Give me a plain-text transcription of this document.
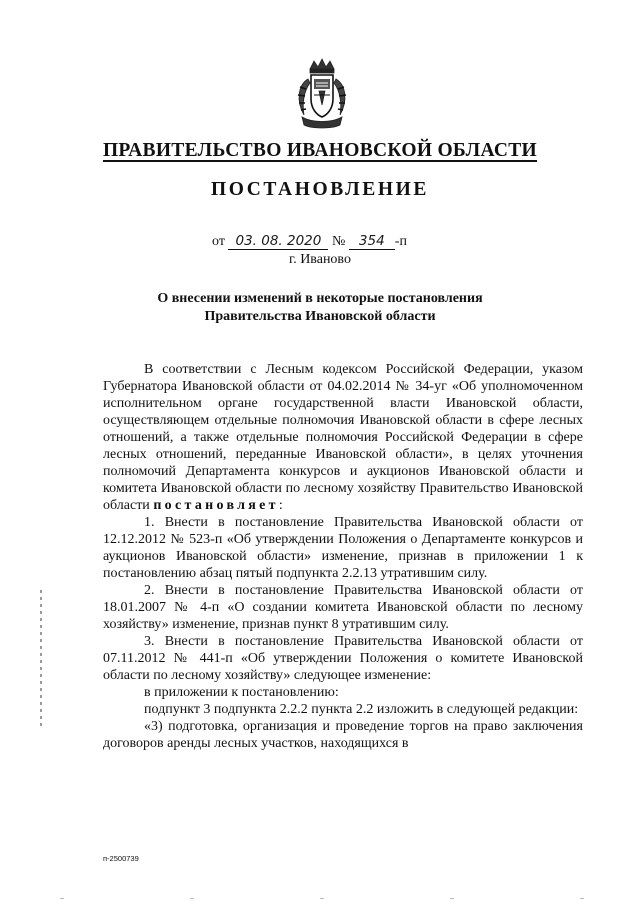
ПРАВИТЕЛЬСТВО ИВАНОВСКОЙ ОБЛАСТИ
ПОСТАНОВЛЕНИЕ
от 03. 08. 2020 № 354 -п
г. Иваново
О внесении изменений в некоторые постановления
Правительства Ивановской области

В соответствии с Лесным кодексом Российской Федерации, указом Губернатора Ивановской области от 04.02.2014 № 34-уг «Об уполномоченном исполнительном органе государственной власти Ивановской области, осуществляющем отдельные полномочия Ивановской области в сфере лесных отношений, а также отдельные полномочия Российской Федерации в сфере лесных отношений, переданные Ивановской области», в целях уточнения полномочий Департамента конкурсов и аукционов Ивановской области и комитета Ивановской области по лесному хозяйству Правительство Ивановской области постановляет:

1. Внести в постановление Правительства Ивановской области от 12.12.2012 № 523-п «Об утверждении Положения о Департаменте конкурсов и аукционов Ивановской области» изменение, признав в приложении 1 к постановлению абзац пятый подпункта 2.2.13 утратившим силу.

2. Внести в постановление Правительства Ивановской области от 18.01.2007 № 4-п «О создании комитета Ивановской области по лесному хозяйству» изменение, признав пункт 8 утратившим силу.

3. Внести в постановление Правительства Ивановской области от 07.11.2012 № 441-п «Об утверждении Положения о комитете Ивановской области по лесному хозяйству» следующее изменение:

в приложении к постановлению:

подпункт 3 подпункта 2.2.2 пункта 2.2 изложить в следующей редакции:

«3) подготовка, организация и проведение торгов на право заключения договоров аренды лесных участков, находящихся в

п-2500739
